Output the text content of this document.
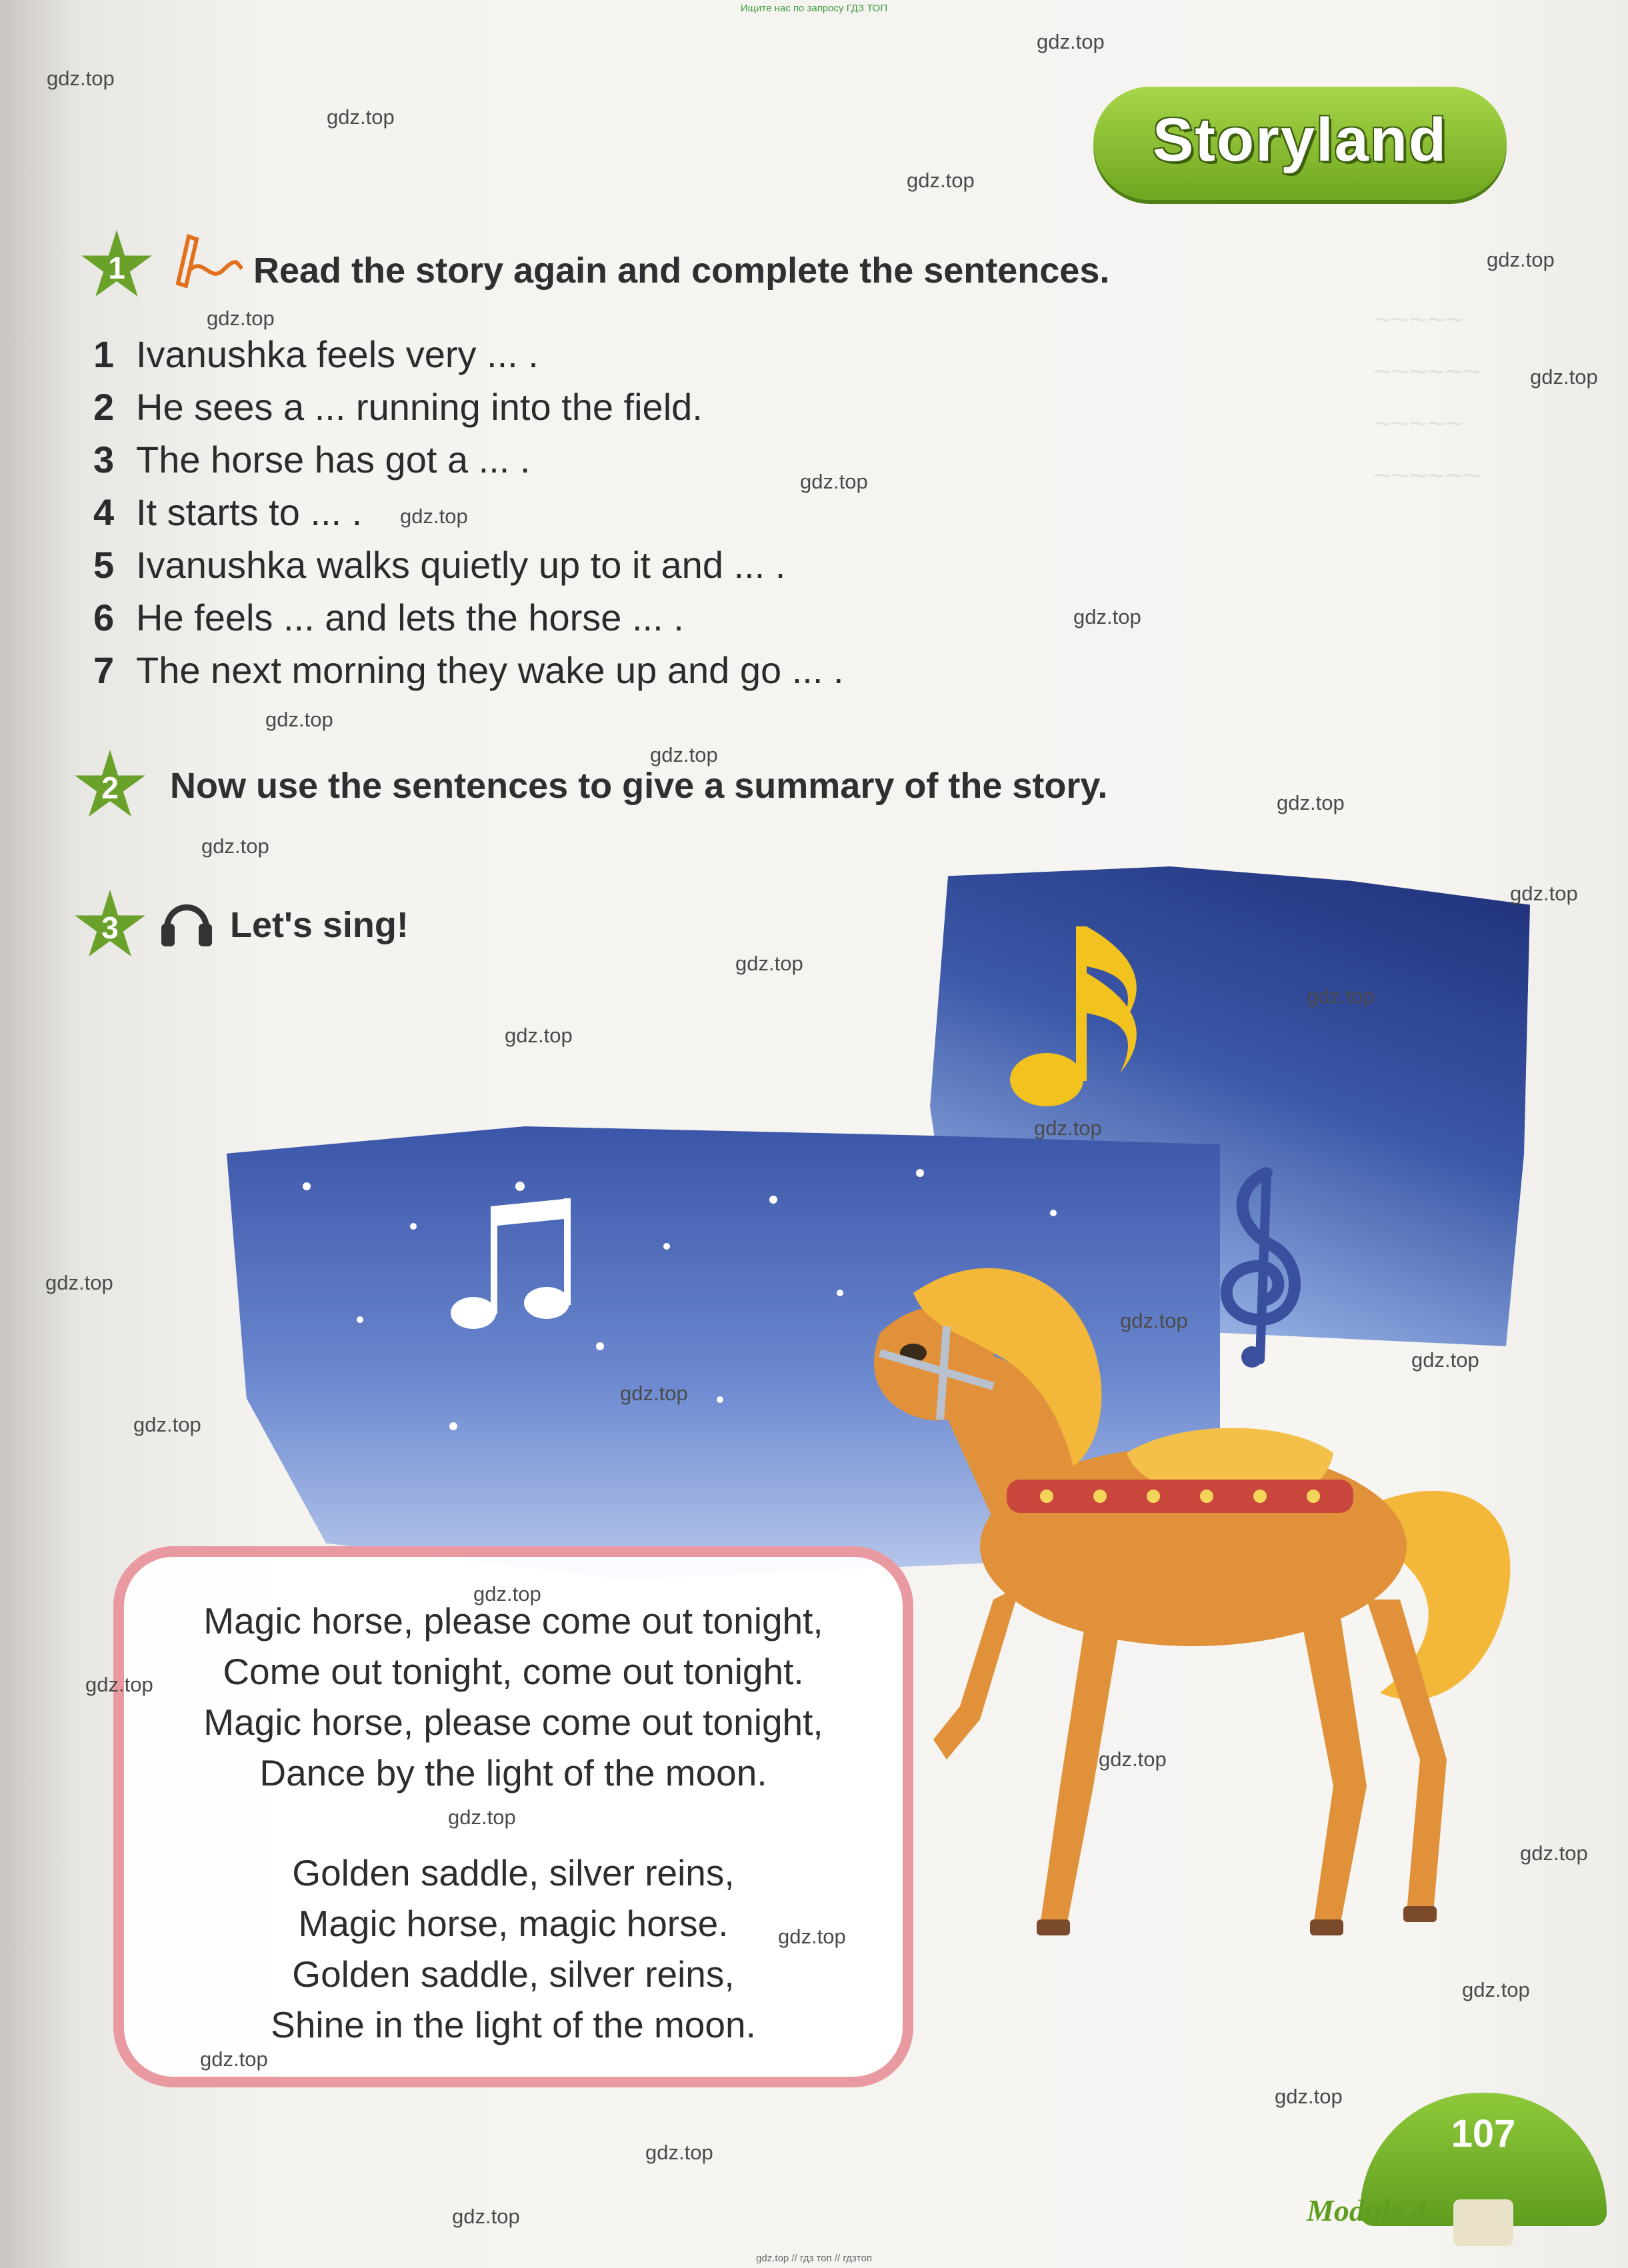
Ищите нас по запросу ГДЗ ТОП
~~~~~
~~~~~~
~~~~~
~~~~~~
Storyland
1	Read the story again and complete the sentences.
1 Ivanushka feels very ... .
2 He sees a ... running into the field.
3 The horse has got a ... .
4 It starts to ... .
5 Ivanushka walks quietly up to it and ... .
6 He feels ... and lets the horse ... .
7 The next morning they wake up and go ... .
2	Now use the sentences to give a summary of the story.
3	Let's sing!
Magic horse, please come out tonight,
Come out tonight, come out tonight.
Magic horse, please come out tonight,
Dance by the light of the moon.
Golden saddle, silver reins,
Magic horse, magic horse.
Golden saddle, silver reins,
Shine in the light of the moon.
107
Module 4
gdz.top
gdz.top
gdz.top
gdz.top
gdz.top
gdz.top
gdz.top
gdz.top
gdz.top
gdz.top
gdz.top
gdz.top
gdz.top
gdz.top
gdz.top
gdz.top
gdz.top
gdz.top
gdz.top
gdz.top
gdz.top
gdz.top
gdz.top
gdz.top
gdz.top
gdz.top
gdz.top
gdz.top
gdz.top
gdz.top
gdz.top
gdz.top
gdz.top
gdz.top
gdz.top
gdz.top // гдз топ // гдзтоп
